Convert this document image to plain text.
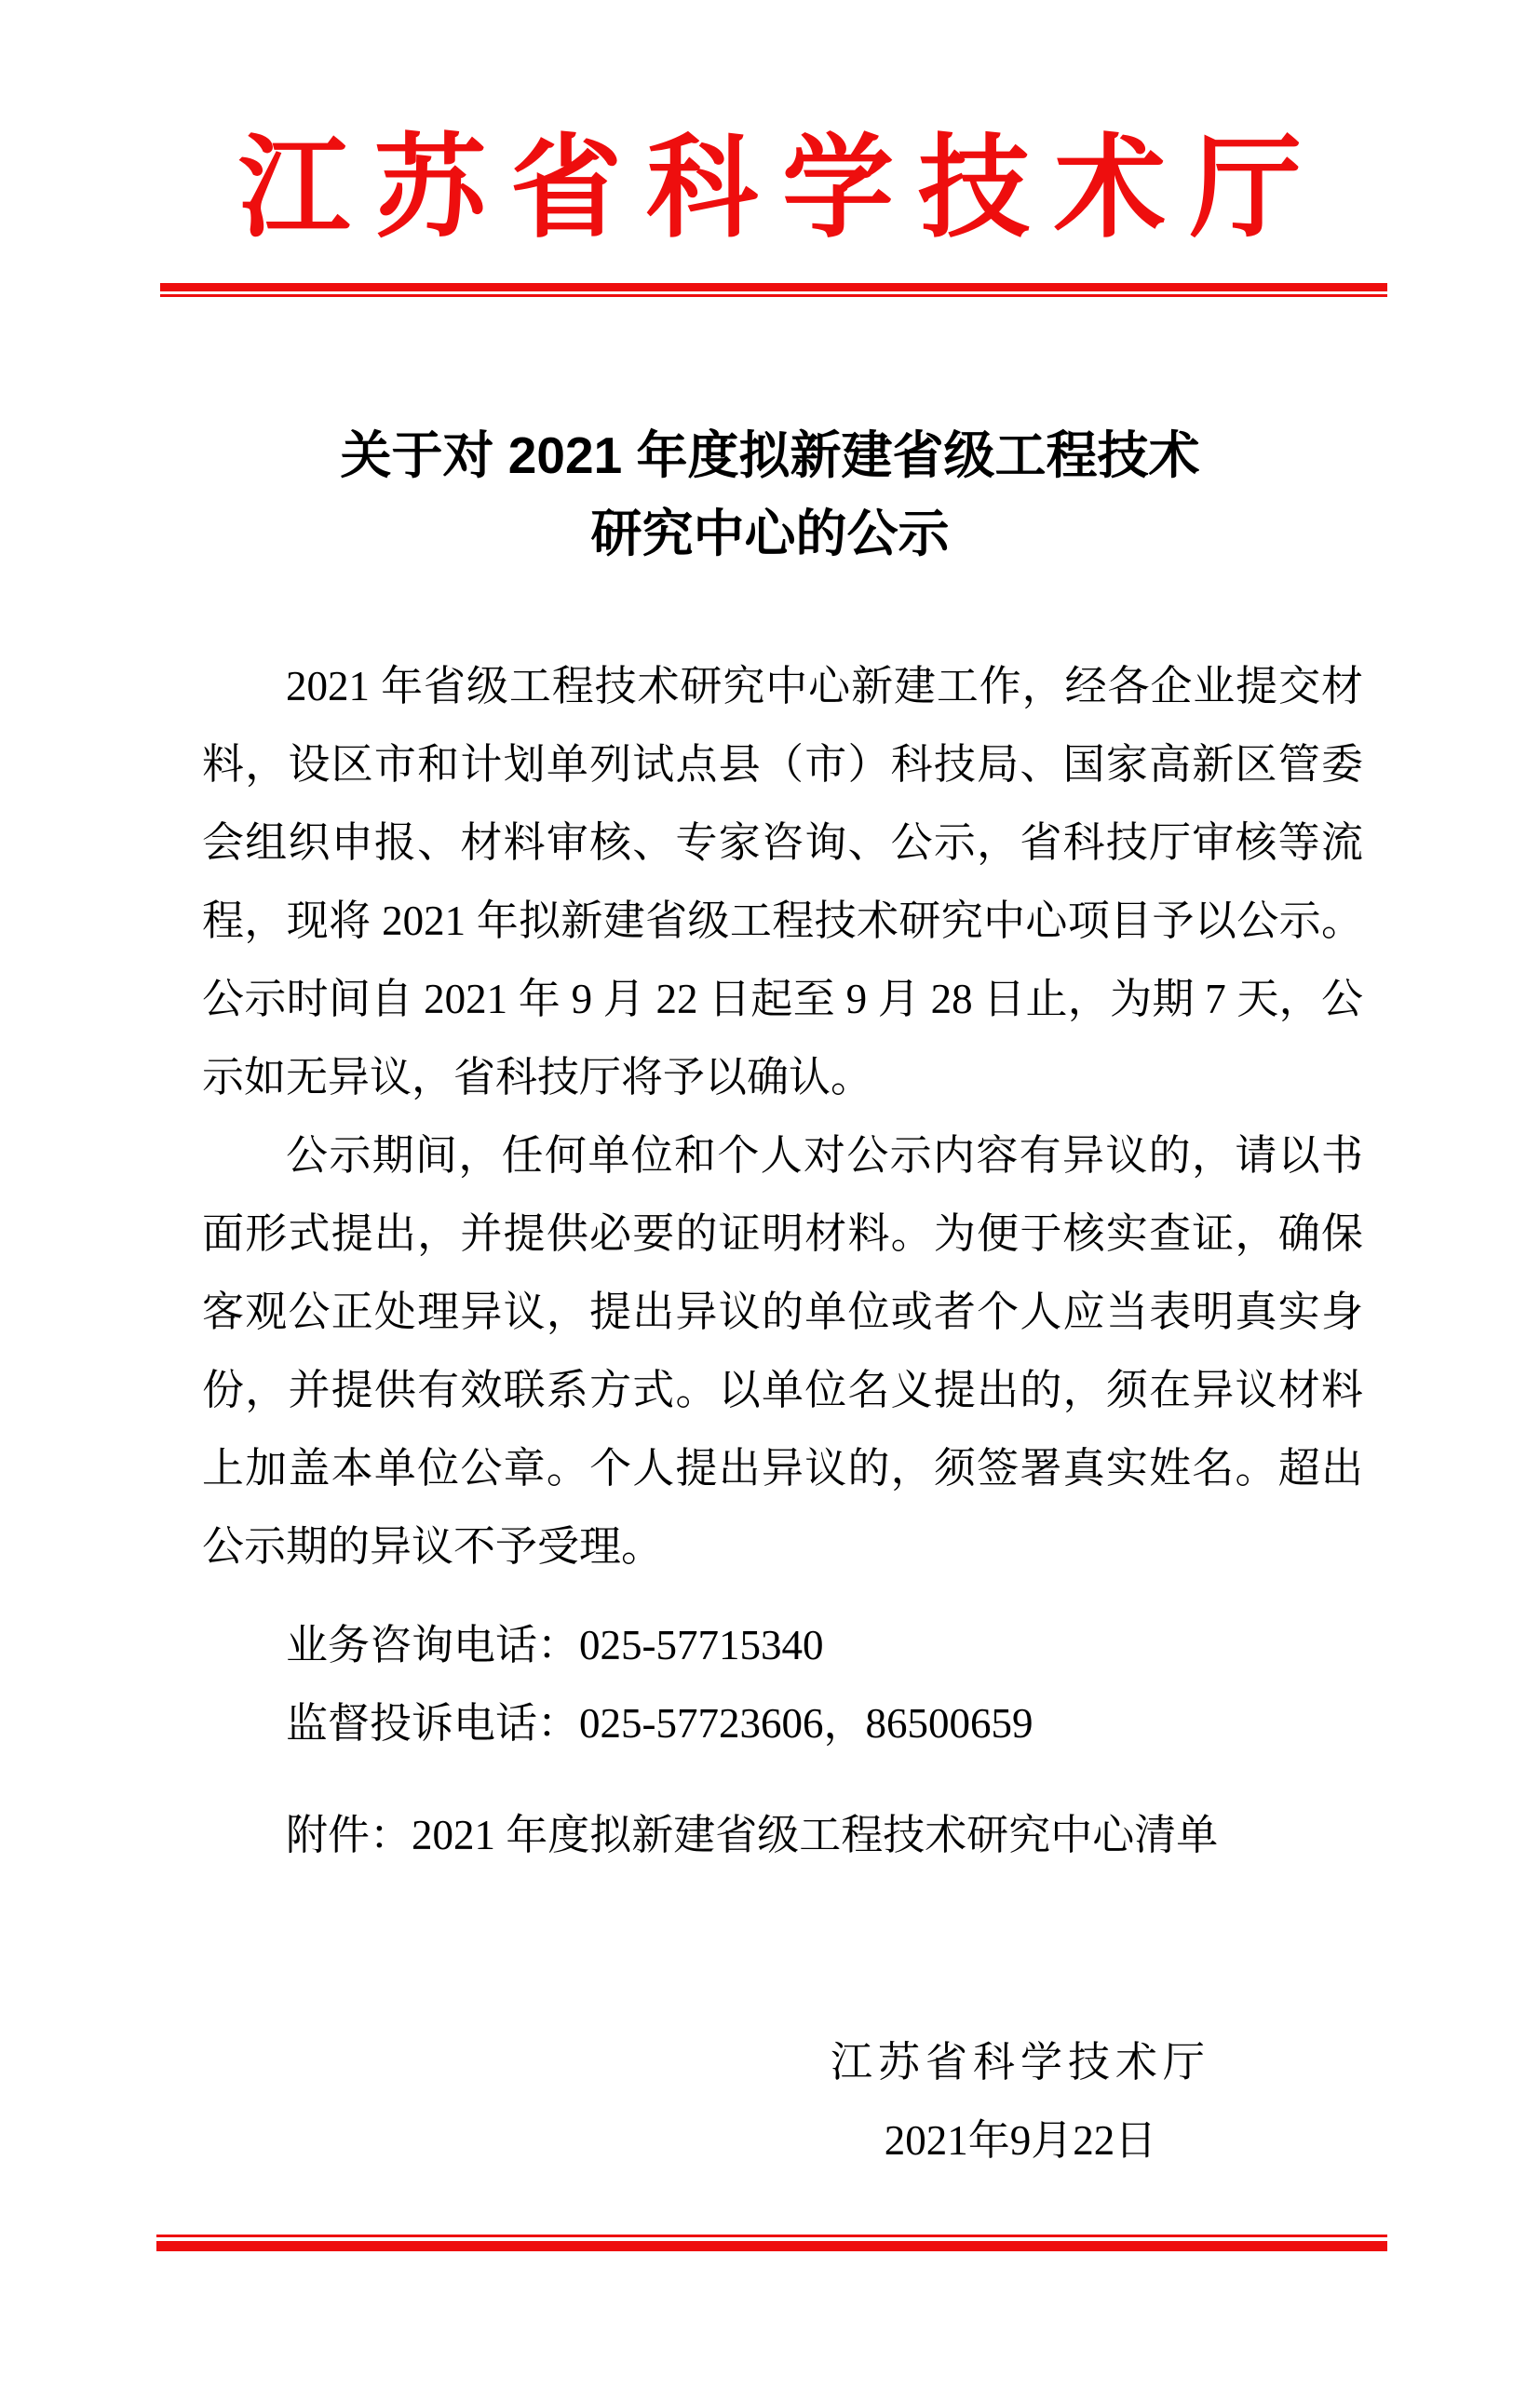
江苏省科学技术厅
关于对 2021 年度拟新建省级工程技术
研究中心的公示

2021 年省级工程技术研究中心新建工作，经各企业提交材料，设区市和计划单列试点县（市）科技局、国家高新区管委会组织申报、材料审核、专家咨询、公示，省科技厅审核等流程，现将 2021 年拟新建省级工程技术研究中心项目予以公示。公示时间自 2021 年 9 月 22 日起至 9 月 28 日止，为期 7 天，公示如无异议，省科技厅将予以确认。

公示期间，任何单位和个人对公示内容有异议的，请以书面形式提出，并提供必要的证明材料。为便于核实查证，确保客观公正处理异议，提出异议的单位或者个人应当表明真实身份，并提供有效联系方式。以单位名义提出的，须在异议材料上加盖本单位公章。个人提出异议的，须签署真实姓名。超出公示期的异议不予受理。

业务咨询电话：025-57715340

监督投诉电话：025-57723606，86500659

附件：2021 年度拟新建省级工程技术研究中心清单

江苏省科学技术厅

2021年9月22日
